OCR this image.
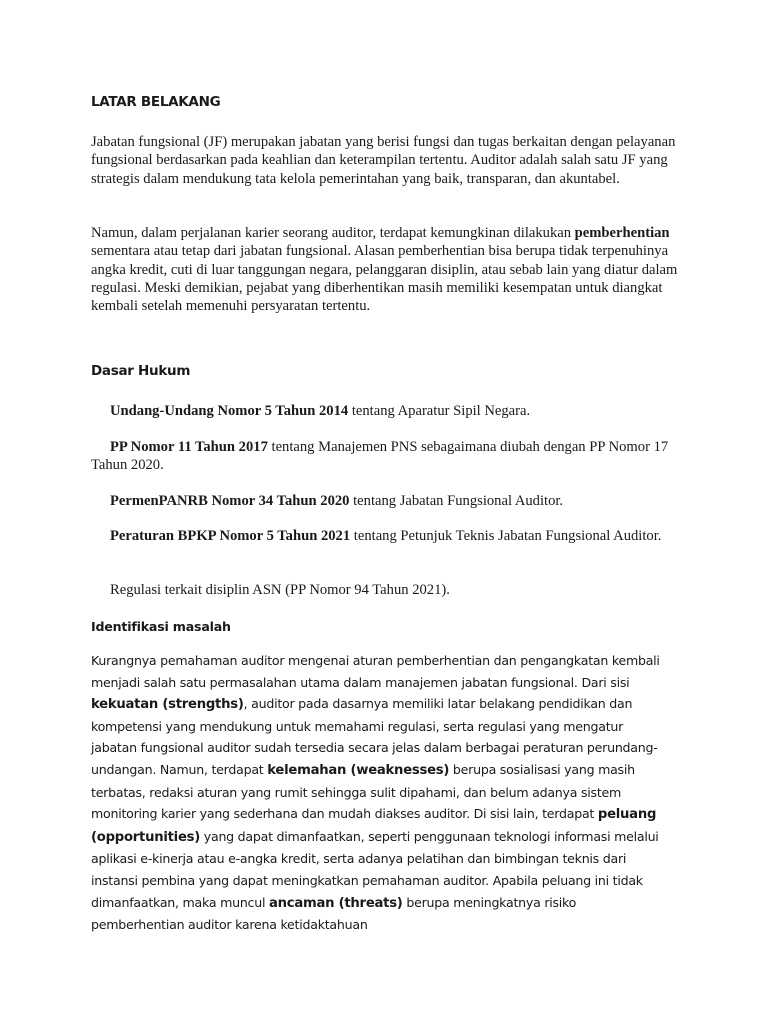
LATAR BELAKANG

Jabatan fungsional (JF) merupakan jabatan yang berisi fungsi dan tugas berkaitan dengan pelayanan fungsional berdasarkan pada keahlian dan keterampilan tertentu. Auditor adalah salah satu JF yang strategis dalam mendukung tata kelola pemerintahan yang baik, transparan, dan akuntabel.

Namun, dalam perjalanan karier seorang auditor, terdapat kemungkinan dilakukan pemberhentian sementara atau tetap dari jabatan fungsional. Alasan pemberhentian bisa berupa tidak terpenuhinya angka kredit, cuti di luar tanggungan negara, pelanggaran disiplin, atau sebab lain yang diatur dalam regulasi. Meski demikian, pejabat yang diberhentikan masih memiliki kesempatan untuk diangkat kembali setelah memenuhi persyaratan tertentu.

Dasar Hukum

Undang-Undang Nomor 5 Tahun 2014 tentang Aparatur Sipil Negara.

PP Nomor 11 Tahun 2017 tentang Manajemen PNS sebagaimana diubah dengan PP Nomor 17 Tahun 2020.

PermenPANRB Nomor 34 Tahun 2020 tentang Jabatan Fungsional Auditor.

Peraturan BPKP Nomor 5 Tahun 2021 tentang Petunjuk Teknis Jabatan Fungsional Auditor.

Regulasi terkait disiplin ASN (PP Nomor 94 Tahun 2021).

Identifikasi masalah

Kurangnya pemahaman auditor mengenai aturan pemberhentian dan pengangkatan kembali menjadi salah satu permasalahan utama dalam manajemen jabatan fungsional. Dari sisi kekuatan (strengths), auditor pada dasarnya memiliki latar belakang pendidikan dan kompetensi yang mendukung untuk memahami regulasi, serta regulasi yang mengatur jabatan fungsional auditor sudah tersedia secara jelas dalam berbagai peraturan perundang-undangan. Namun, terdapat kelemahan (weaknesses) berupa sosialisasi yang masih terbatas, redaksi aturan yang rumit sehingga sulit dipahami, dan belum adanya sistem monitoring karier yang sederhana dan mudah diakses auditor. Di sisi lain, terdapat peluang (opportunities) yang dapat dimanfaatkan, seperti penggunaan teknologi informasi melalui aplikasi e-kinerja atau e-angka kredit, serta adanya pelatihan dan bimbingan teknis dari instansi pembina yang dapat meningkatkan pemahaman auditor. Apabila peluang ini tidak dimanfaatkan, maka muncul ancaman (threats) berupa meningkatnya risiko pemberhentian auditor karena ketidaktahuan
